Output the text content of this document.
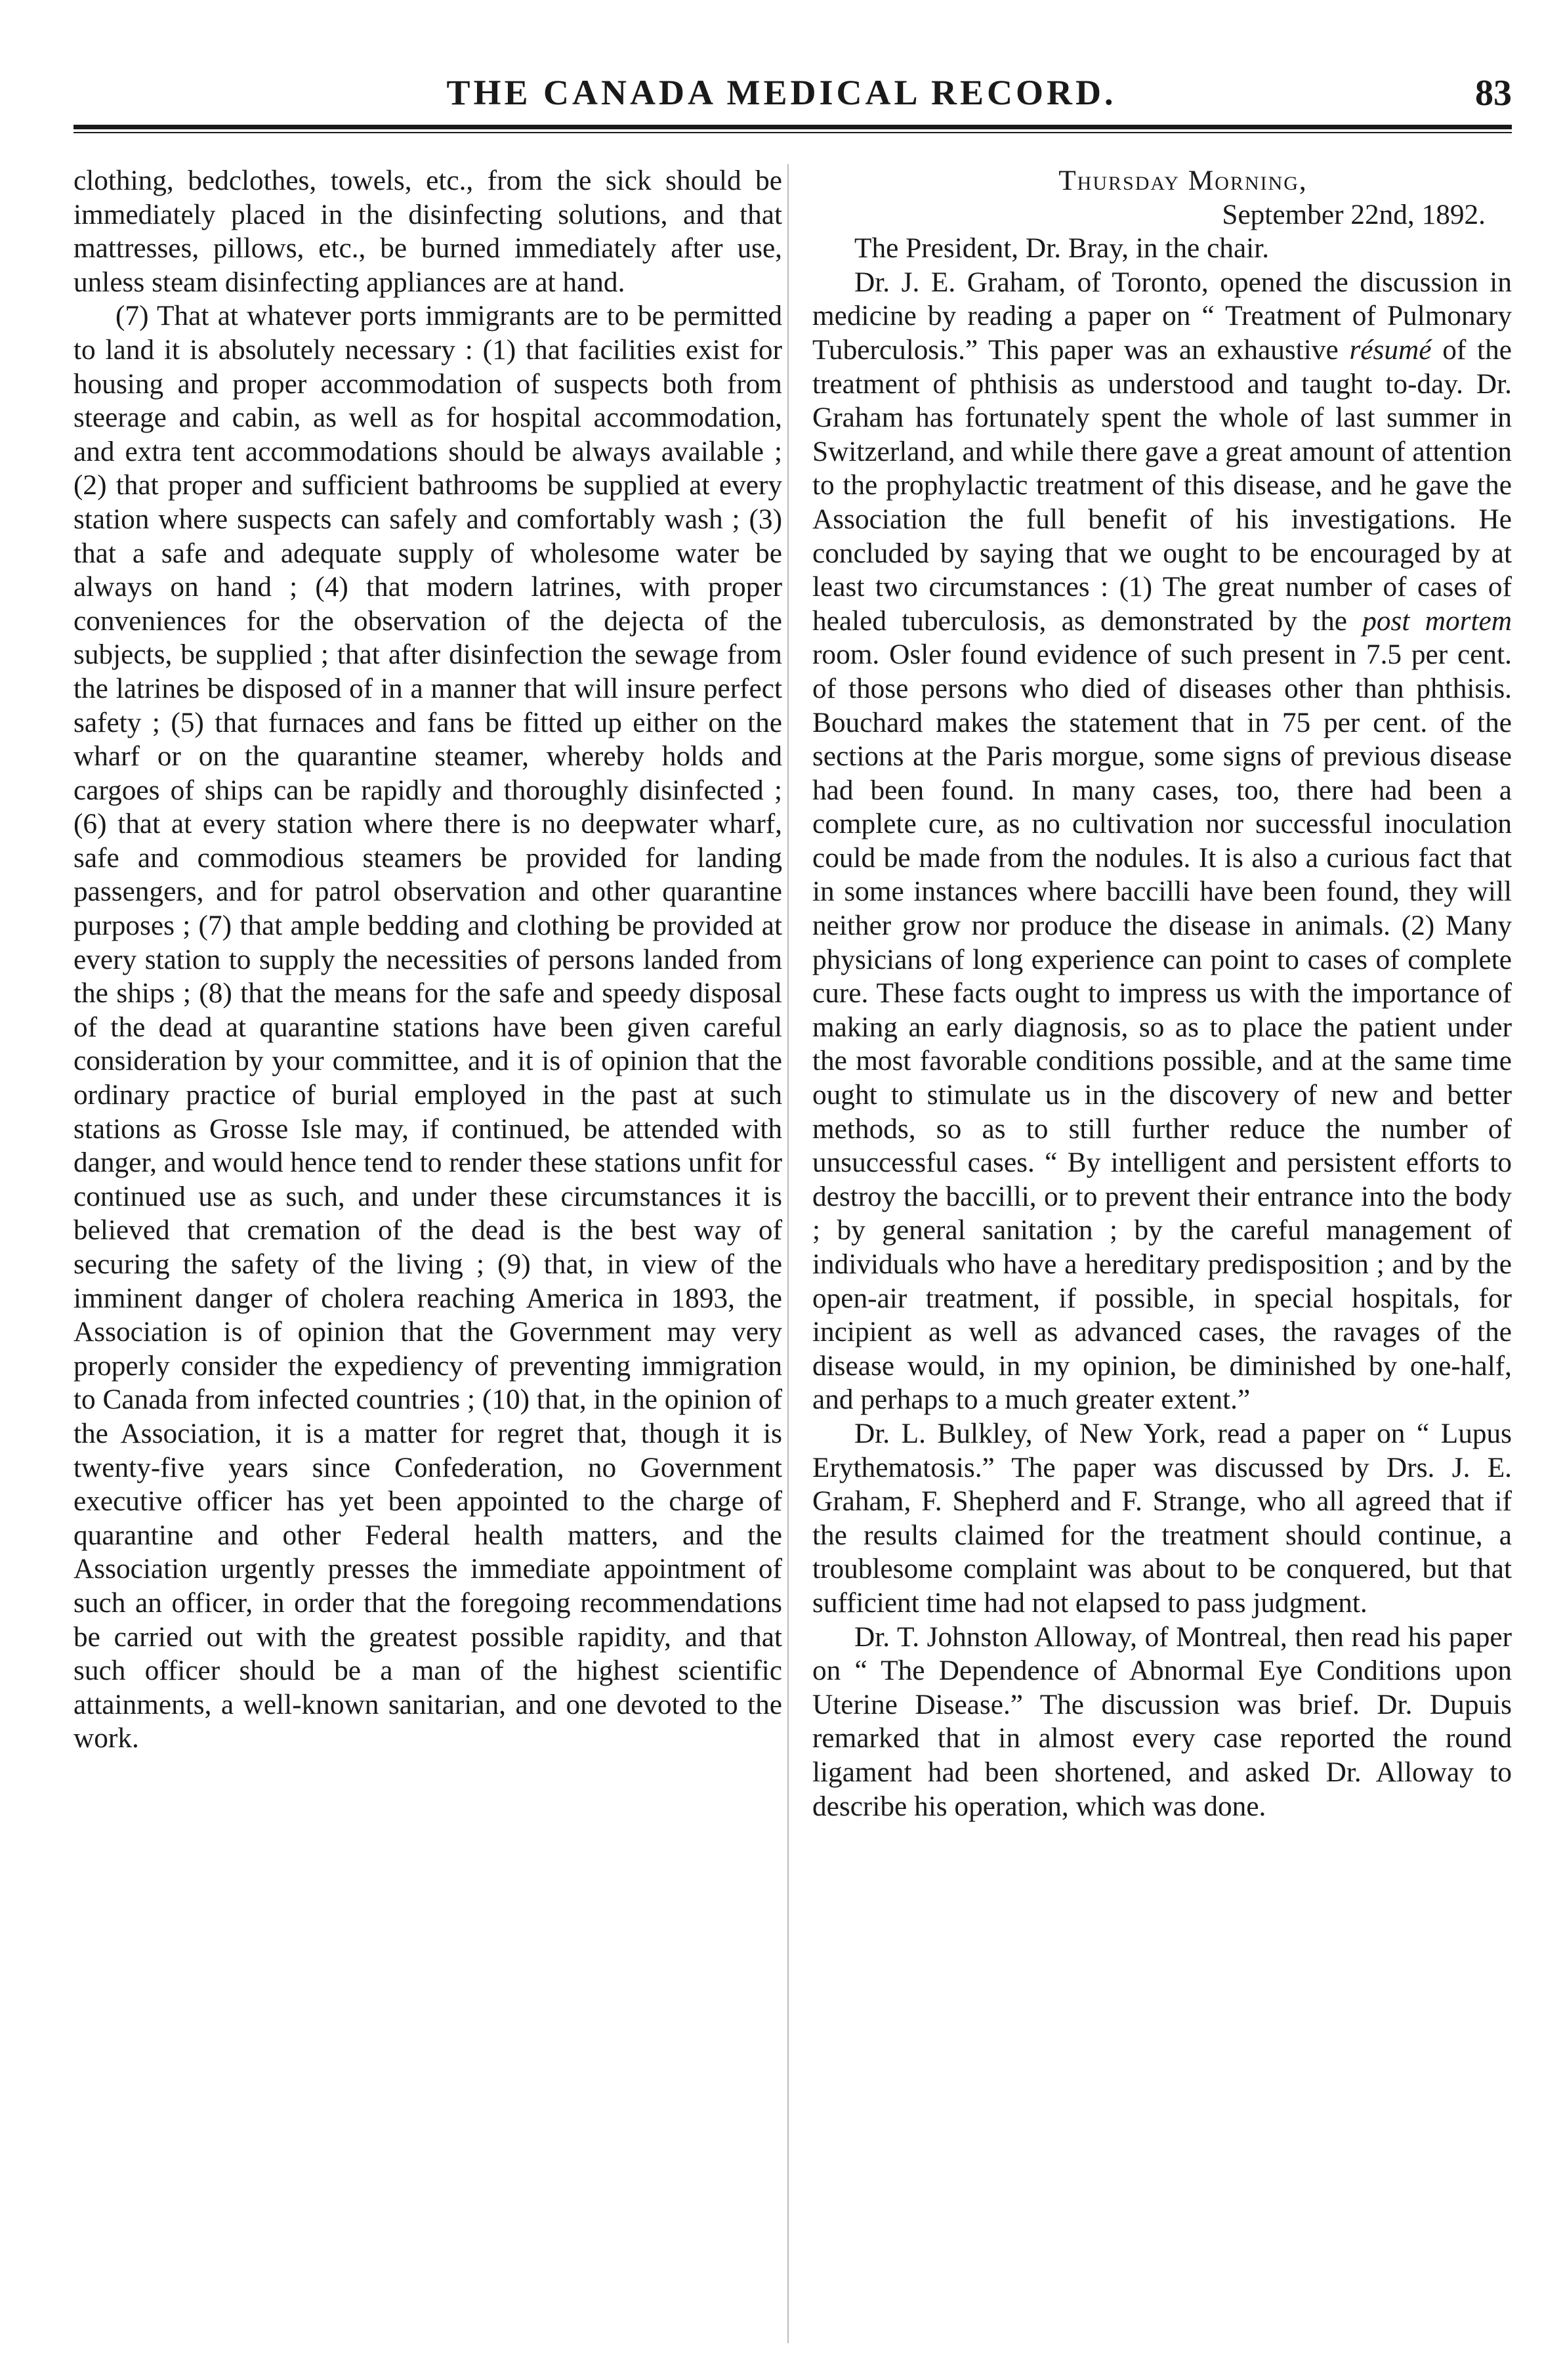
THE CANADA MEDICAL RECORD.	83

clothing, bedclothes, towels, etc., from the sick should be immediately placed in the disinfecting solutions, and that mattresses, pillows, etc., be burned immediately after use, unless steam disinfecting appliances are at hand.

(7) That at whatever ports immigrants are to be permitted to land it is absolutely necessary : (1) that facilities exist for housing and proper accommodation of suspects both from steerage and cabin, as well as for hospital accommodation, and extra tent accommodations should be always available ; (2) that proper and sufficient bathrooms be supplied at every station where suspects can safely and comfortably wash ; (3) that a safe and adequate supply of wholesome water be always on hand ; (4) that modern latrines, with proper conveniences for the observation of the dejecta of the subjects, be supplied ; that after disinfection the sewage from the latrines be disposed of in a manner that will insure perfect safety ; (5) that furnaces and fans be fitted up either on the wharf or on the quarantine steamer, whereby holds and cargoes of ships can be rapidly and thoroughly disinfected ; (6) that at every station where there is no deepwater wharf, safe and commodious steamers be provided for landing passengers, and for patrol observation and other quarantine purposes ; (7) that ample bedding and clothing be provided at every station to supply the necessities of persons landed from the ships ; (8) that the means for the safe and speedy disposal of the dead at quarantine stations have been given careful consideration by your committee, and it is of opinion that the ordinary practice of burial employed in the past at such stations as Grosse Isle may, if continued, be attended with danger, and would hence tend to render these stations unfit for continued use as such, and under these circumstances it is believed that cremation of the dead is the best way of securing the safety of the living ; (9) that, in view of the imminent danger of cholera reaching America in 1893, the Association is of opinion that the Government may very properly consider the expediency of preventing immigration to Canada from infected countries ; (10) that, in the opinion of the Association, it is a matter for regret that, though it is twenty-five years since Confederation, no Government executive officer has yet been appointed to the charge of quarantine and other Federal health matters, and the Association urgently presses the immediate appointment of such an officer, in order that the foregoing recommendations be carried out with the greatest possible rapidity, and that such officer should be a man of the highest scientific attainments, a well-known sanitarian, and one devoted to the work.

Thursday Morning,

September 22nd, 1892.

The President, Dr. Bray, in the chair.

Dr. J. E. Graham, of Toronto, opened the discussion in medicine by reading a paper on “ Treatment of Pulmonary Tuberculosis.” This paper was an exhaustive résumé of the treatment of phthisis as understood and taught to-day. Dr. Graham has fortunately spent the whole of last summer in Switzerland, and while there gave a great amount of attention to the prophylactic treatment of this disease, and he gave the Association the full benefit of his investigations. He concluded by saying that we ought to be encouraged by at least two circumstances : (1) The great number of cases of healed tuberculosis, as demonstrated by the post mortem room. Osler found evidence of such present in 7.5 per cent. of those persons who died of diseases other than phthisis. Bouchard makes the statement that in 75 per cent. of the sections at the Paris morgue, some signs of previous disease had been found. In many cases, too, there had been a complete cure, as no cultivation nor successful inoculation could be made from the nodules. It is also a curious fact that in some instances where baccilli have been found, they will neither grow nor produce the disease in animals. (2) Many physicians of long experience can point to cases of complete cure. These facts ought to impress us with the importance of making an early diagnosis, so as to place the patient under the most favorable conditions possible, and at the same time ought to stimulate us in the discovery of new and better methods, so as to still further reduce the number of unsuccessful cases. “ By intelligent and persistent efforts to destroy the baccilli, or to prevent their entrance into the body ; by general sanitation ; by the careful management of individuals who have a hereditary predisposition ; and by the open-air treatment, if possible, in special hospitals, for incipient as well as advanced cases, the ravages of the disease would, in my opinion, be diminished by one-half, and perhaps to a much greater extent.”

Dr. L. Bulkley, of New York, read a paper on “ Lupus Erythematosis.” The paper was discussed by Drs. J. E. Graham, F. Shepherd and F. Strange, who all agreed that if the results claimed for the treatment should continue, a troublesome complaint was about to be conquered, but that sufficient time had not elapsed to pass judgment.

Dr. T. Johnston Alloway, of Montreal, then read his paper on “ The Dependence of Abnormal Eye Conditions upon Uterine Disease.” The discussion was brief. Dr. Dupuis remarked that in almost every case reported the round ligament had been shortened, and asked Dr. Alloway to describe his operation, which was done.
